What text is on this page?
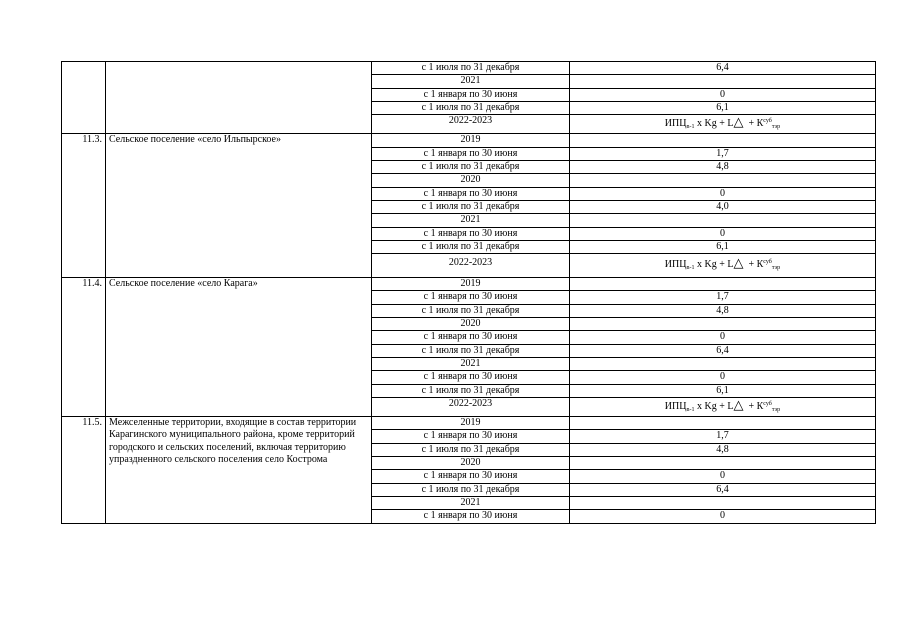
		с 1 июля по 31 декабря	6,4
		2021	
		с 1 января по 30 июня	0
		с 1 июля по 31 декабря	6,1
		2022-2023	$ИПЦ_{n-1}$ х Kg + L△  + $К^{суб}_{тэр}$
11.3.	Сельское поселение «село Ильпырское»	2019	
		с 1 января по 30 июня	1,7
		с 1 июля по 31 декабря	4,8
		2020	
		с 1 января по 30 июня	0
		с 1 июля по 31 декабря	4,0
		2021	
		с 1 января по 30 июня	0
		с 1 июля по 31 декабря	6,1
		2022-2023	$ИПЦ_{n-1}$ х Kg + L△  + $К^{суб}_{тэр}$
11.4.	Сельское поселение «село Карага»	2019	
		с 1 января по 30 июня	1,7
		с 1 июля по 31 декабря	4,8
		2020	
		с 1 января по 30 июня	0
		с 1 июля по 31 декабря	6,4
		2021	
		с 1 января по 30 июня	0
		с 1 июля по 31 декабря	6,1
		2022-2023	$ИПЦ_{n-1}$ х Kg + L△  + $К^{суб}_{тэр}$
11.5.	Межселенные территории, входящие в состав территории Карагинского муниципального района, кроме территорий городского и сельских поселений, включая территорию упраздненного сельского поселения село Кострома	2019	
		с 1 января по 30 июня	1,7
		с 1 июля по 31 декабря	4,8
		2020	
		с 1 января по 30 июня	0
		с 1 июля по 31 декабря	6,4
		2021	
		с 1 января по 30 июня	0
